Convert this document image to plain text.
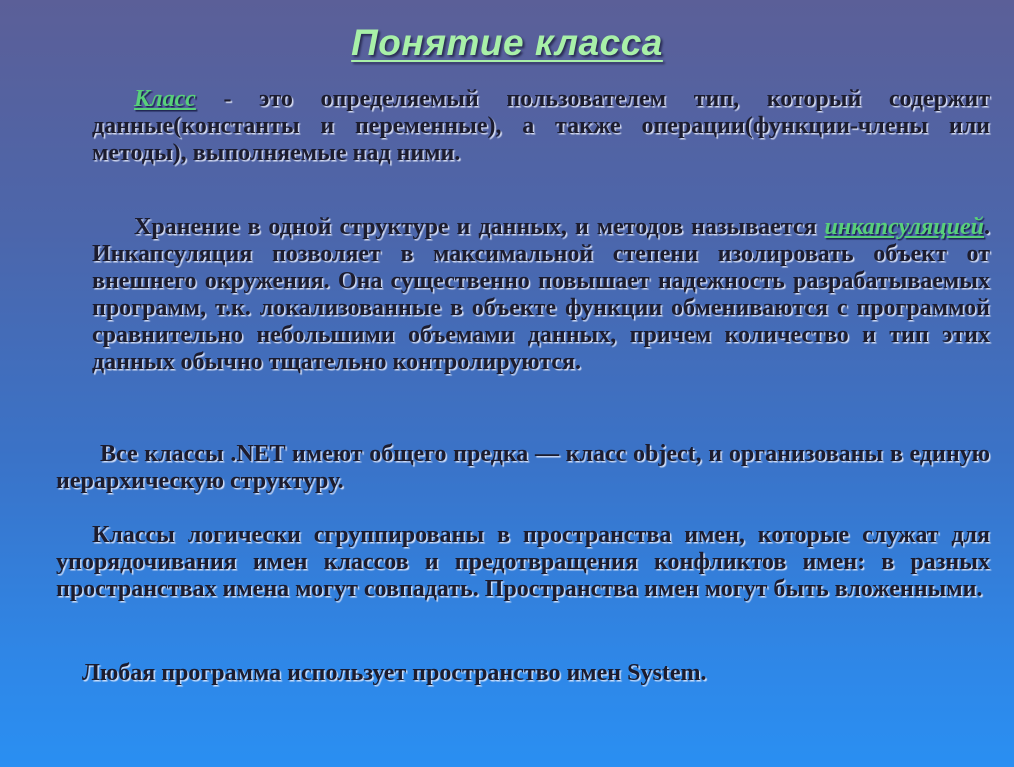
Понятие класса
Класс - это определяемый пользователем тип, который содержит данные(константы и переменные), а также операции(функции-члены или методы), выполняемые над ними.
Хранение в одной структуре и данных, и методов называется инкапсуляцией. Инкапсуляция позволяет в максимальной степени изолировать объект от внешнего окружения. Она существенно повышает надежность разрабатываемых программ, т.к. локализованные в объекте функции обмениваются с программой сравнительно небольшими объемами данных, причем количество и тип этих данных обычно тщательно контролируются.
Все классы .NET имеют общего предка — класс object, и организованы в единую иерархическую структуру.
Классы логически сгруппированы в пространства имен, которые служат для упорядочивания имен классов и предотвращения конфликтов имен: в разных пространствах имена могут совпадать. Пространства имен могут быть вложенными.
Любая программа использует пространство имен System.
